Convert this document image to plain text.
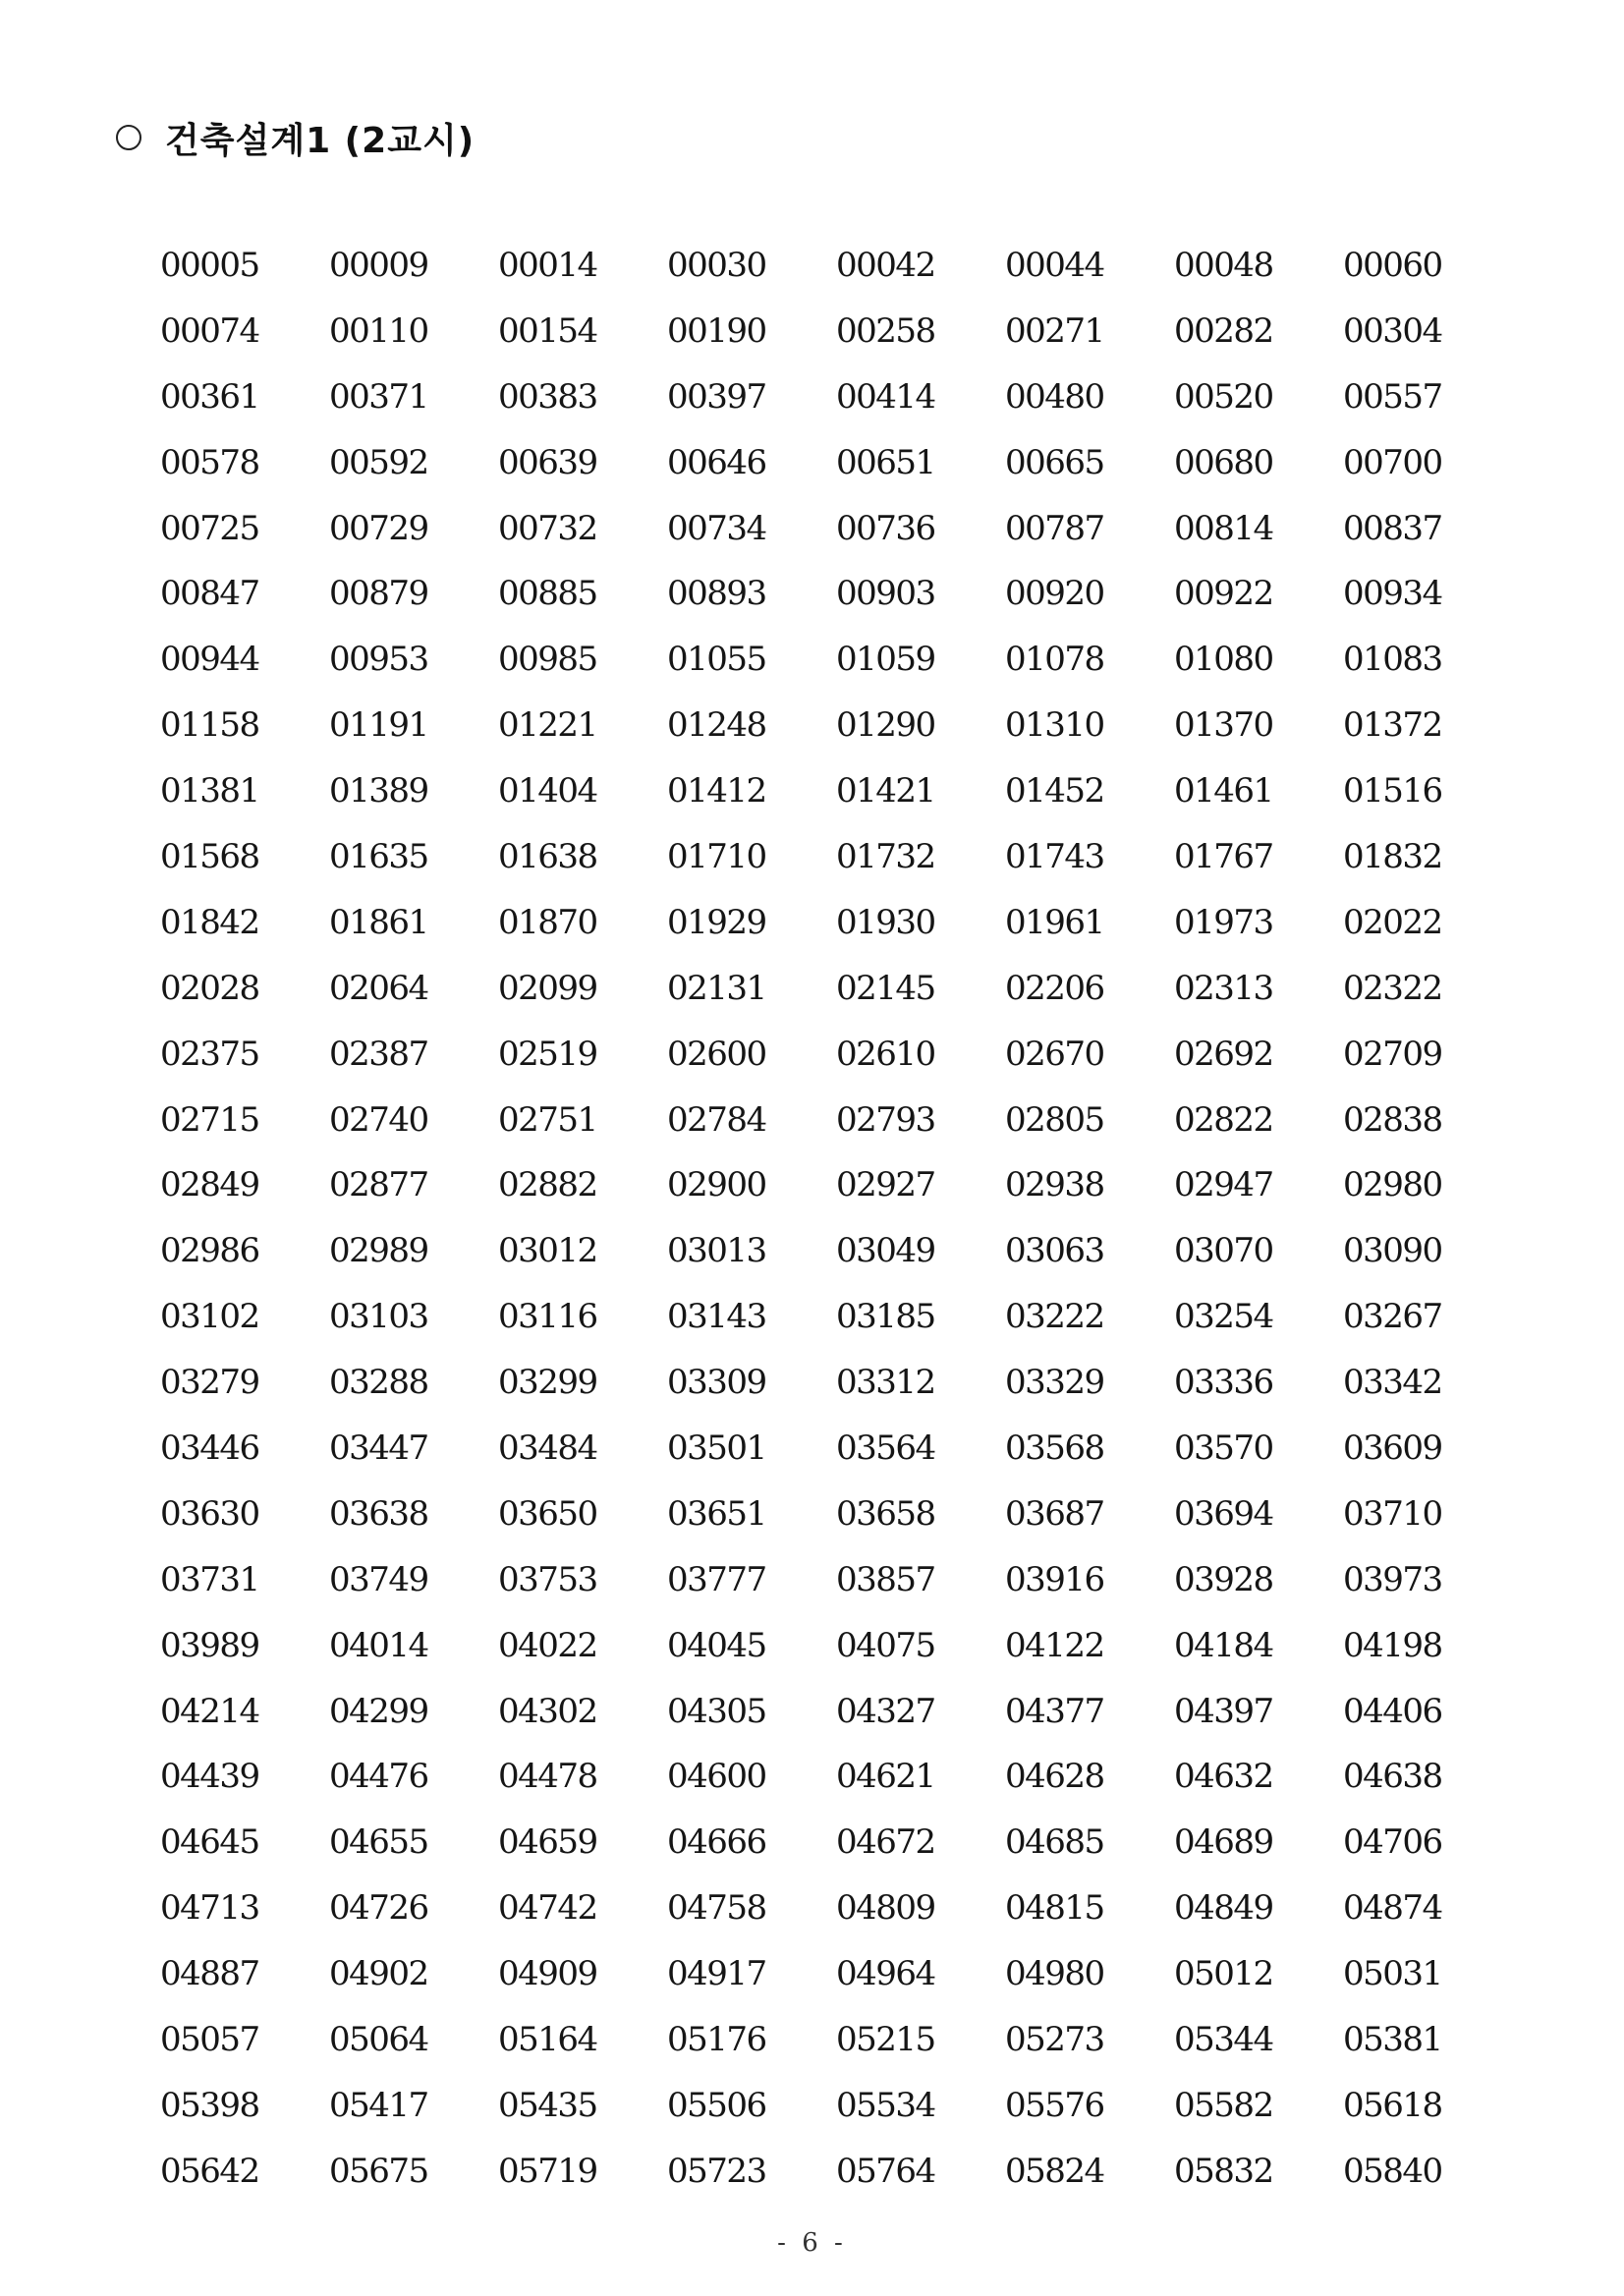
건축설계1 (2교시)
00005	00009	00014	00030	00042	00044	00048	00060
00074	00110	00154	00190	00258	00271	00282	00304
00361	00371	00383	00397	00414	00480	00520	00557
00578	00592	00639	00646	00651	00665	00680	00700
00725	00729	00732	00734	00736	00787	00814	00837
00847	00879	00885	00893	00903	00920	00922	00934
00944	00953	00985	01055	01059	01078	01080	01083
01158	01191	01221	01248	01290	01310	01370	01372
01381	01389	01404	01412	01421	01452	01461	01516
01568	01635	01638	01710	01732	01743	01767	01832
01842	01861	01870	01929	01930	01961	01973	02022
02028	02064	02099	02131	02145	02206	02313	02322
02375	02387	02519	02600	02610	02670	02692	02709
02715	02740	02751	02784	02793	02805	02822	02838
02849	02877	02882	02900	02927	02938	02947	02980
02986	02989	03012	03013	03049	03063	03070	03090
03102	03103	03116	03143	03185	03222	03254	03267
03279	03288	03299	03309	03312	03329	03336	03342
03446	03447	03484	03501	03564	03568	03570	03609
03630	03638	03650	03651	03658	03687	03694	03710
03731	03749	03753	03777	03857	03916	03928	03973
03989	04014	04022	04045	04075	04122	04184	04198
04214	04299	04302	04305	04327	04377	04397	04406
04439	04476	04478	04600	04621	04628	04632	04638
04645	04655	04659	04666	04672	04685	04689	04706
04713	04726	04742	04758	04809	04815	04849	04874
04887	04902	04909	04917	04964	04980	05012	05031
05057	05064	05164	05176	05215	05273	05344	05381
05398	05417	05435	05506	05534	05576	05582	05618
05642	05675	05719	05723	05764	05824	05832	05840
- 6 -
